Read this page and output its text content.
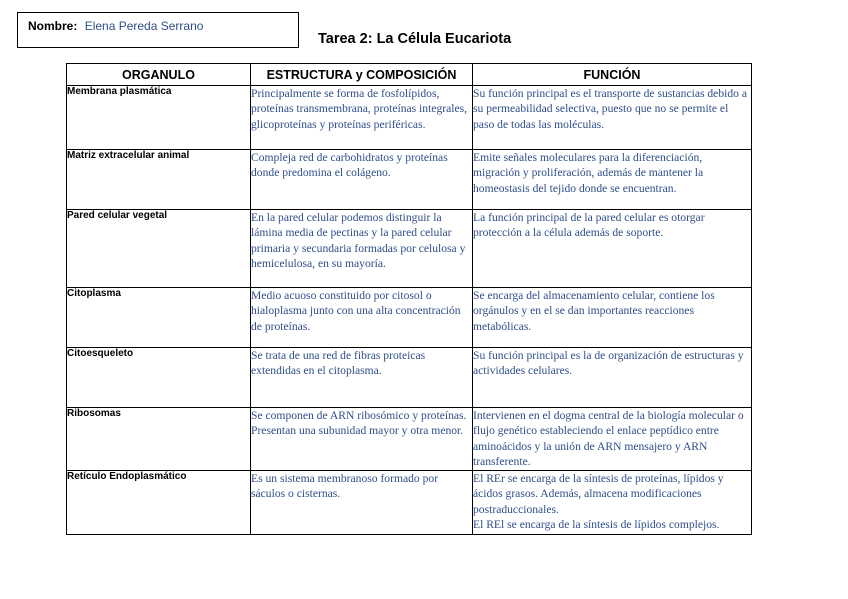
Nombre: Elena Pereda Serrano
Tarea 2: La Célula Eucariota
ORGANULO	ESTRUCTURA y COMPOSICIÓN	FUNCIÓN
Membrana plasmática	Principalmente se forma de fosfolípidos, proteínas transmembrana, proteínas integrales, glicoproteínas y proteínas periféricas.	Su función principal es el transporte de sustancias debido a su permeabilidad selectiva, puesto que no se permite el paso de todas las moléculas.

Matriz extracelular animal	Compleja red de carbohidratos y proteínas donde predomina el colágeno.	Emite señales moleculares para la diferenciación, migración y proliferación, además de mantener la homeostasis del tejido donde se encuentran.

Pared celular vegetal	En la pared celular podemos distinguir la lámina media de pectinas y la pared celular primaria y secundaria formadas por celulosa y hemicelulosa, en su mayoría.	La función principal de la pared celular es otorgar protección a la célula además de soporte.

Citoplasma	Medio acuoso constituido por citosol o hialoplasma junto con una alta concentración de proteínas.	Se encarga del almacenamiento celular, contiene los orgánulos y en el se dan importantes reacciones metabólicas.

Citoesqueleto	Se trata de una red de fibras proteicas extendidas en el citoplasma.	Su función principal es la de organización de estructuras y actividades celulares.

Ribosomas	Se componen de ARN ribosómico y proteínas. Presentan una subunidad mayor y otra menor.	Intervienen en el dogma central de la biología molecular o flujo genético estableciendo el enlace peptídico entre aminoácidos y la unión de ARN mensajero y ARN transferente.

Retículo Endoplasmático	Es un sistema membranoso formado por sáculos o cisternas.	El REr se encarga de la síntesis de proteínas, lípidos y ácidos grasos. Además, almacena modificaciones postraduccionales.
El REl se encarga de la síntesis de lípidos complejos.
